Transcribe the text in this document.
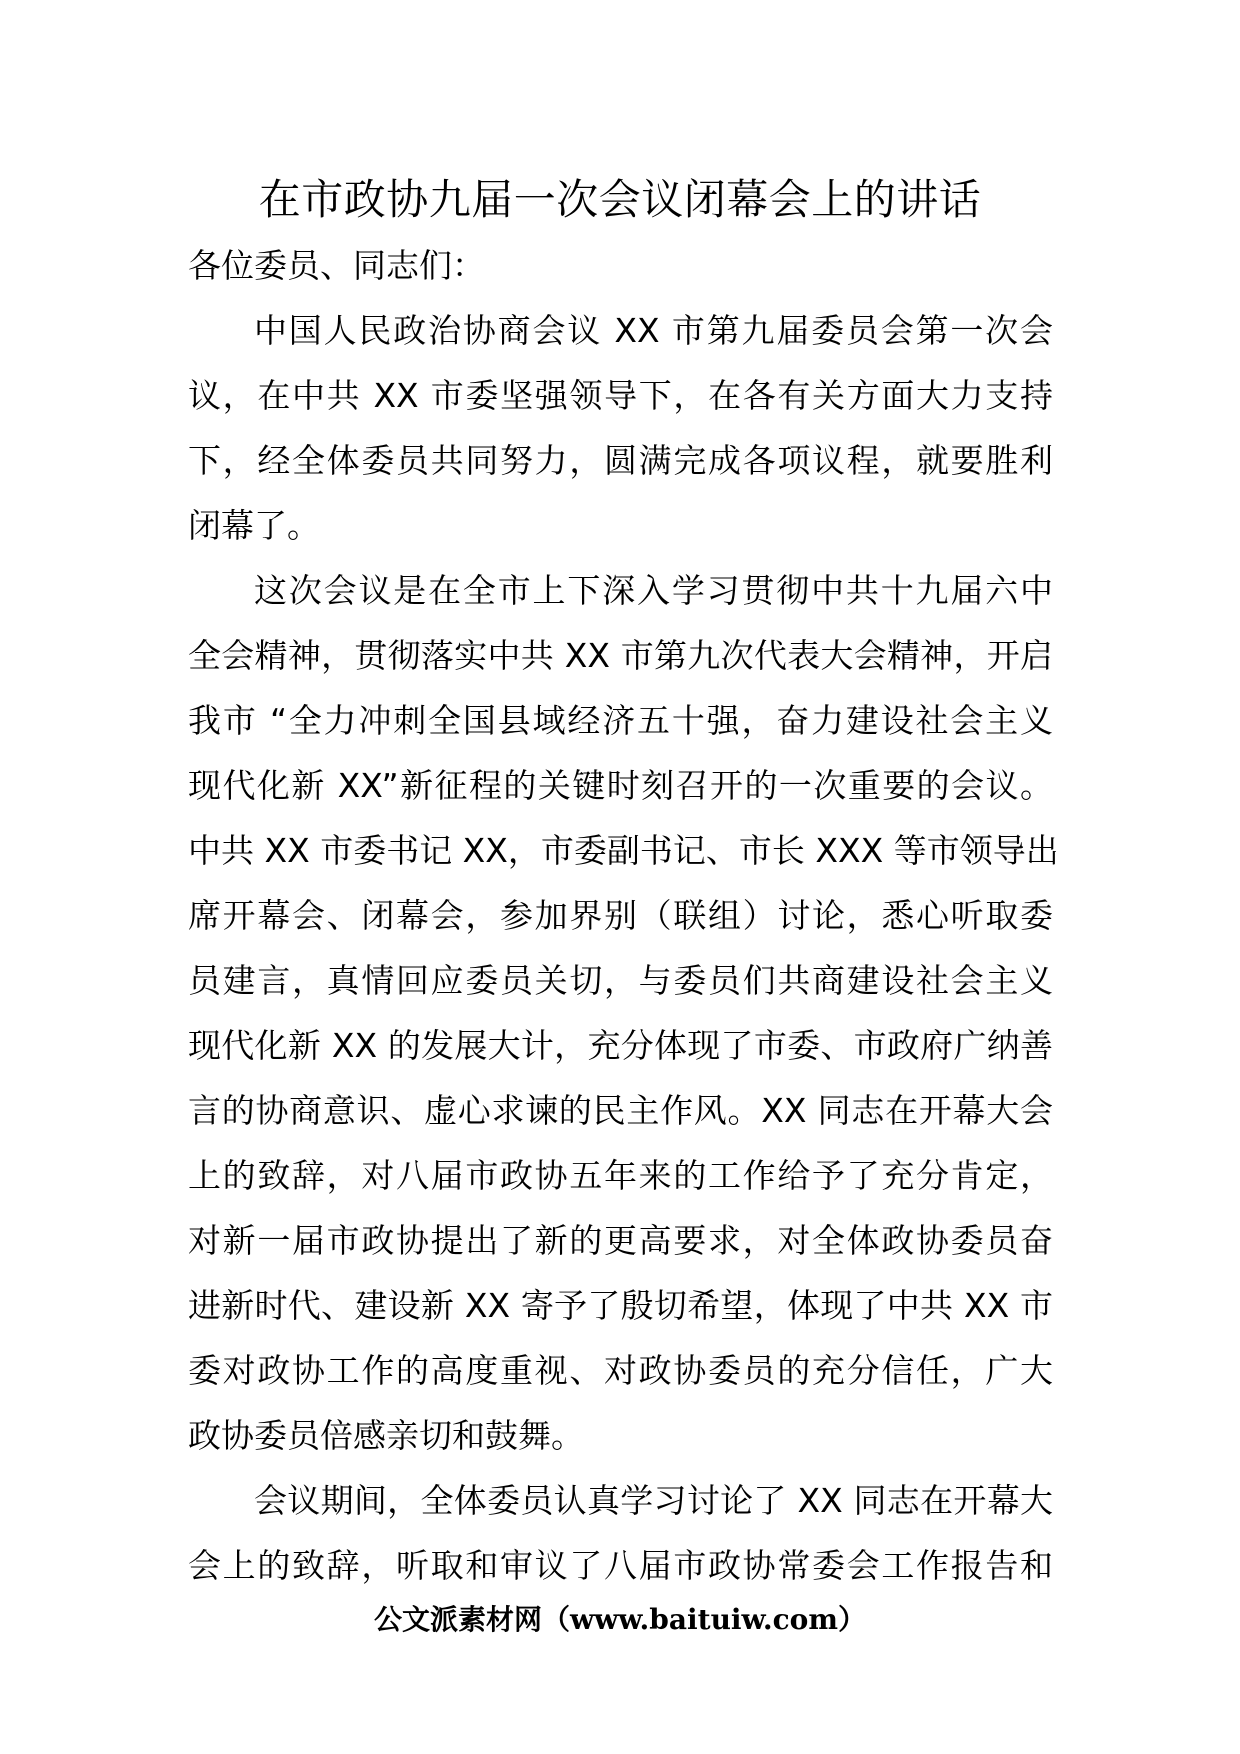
在市政协九届一次会议闭幕会上的讲话
各位委员、同志们：
中国人民政治协商会议 XX 市第九届委员会第一次会
议，在中共 XX 市委坚强领导下，在各有关方面大力支持
下，经全体委员共同努力，圆满完成各项议程，就要胜利
闭幕了。
这次会议是在全市上下深入学习贯彻中共十九届六中
全会精神，贯彻落实中共 XX 市第九次代表大会精神，开启
我市 “全力冲刺全国县域经济五十强，奋力建设社会主义
现代化新 XX”新征程的关键时刻召开的一次重要的会议。
中共 XX 市委书记 XX，市委副书记、市长 XXX 等市领导出
席开幕会、闭幕会，参加界别（联组）讨论，悉心听取委
员建言，真情回应委员关切，与委员们共商建设社会主义
现代化新 XX 的发展大计，充分体现了市委、市政府广纳善
言的协商意识、虚心求谏的民主作风。XX 同志在开幕大会
上的致辞，对八届市政协五年来的工作给予了充分肯定，
对新一届市政协提出了新的更高要求，对全体政协委员奋
进新时代、建设新 XX 寄予了殷切希望，体现了中共 XX 市
委对政协工作的高度重视、对政协委员的充分信任，广大
政协委员倍感亲切和鼓舞。
会议期间，全体委员认真学习讨论了 XX 同志在开幕大
会上的致辞，听取和审议了八届市政协常委会工作报告和
公文派素材网（www.baituiw.com）
